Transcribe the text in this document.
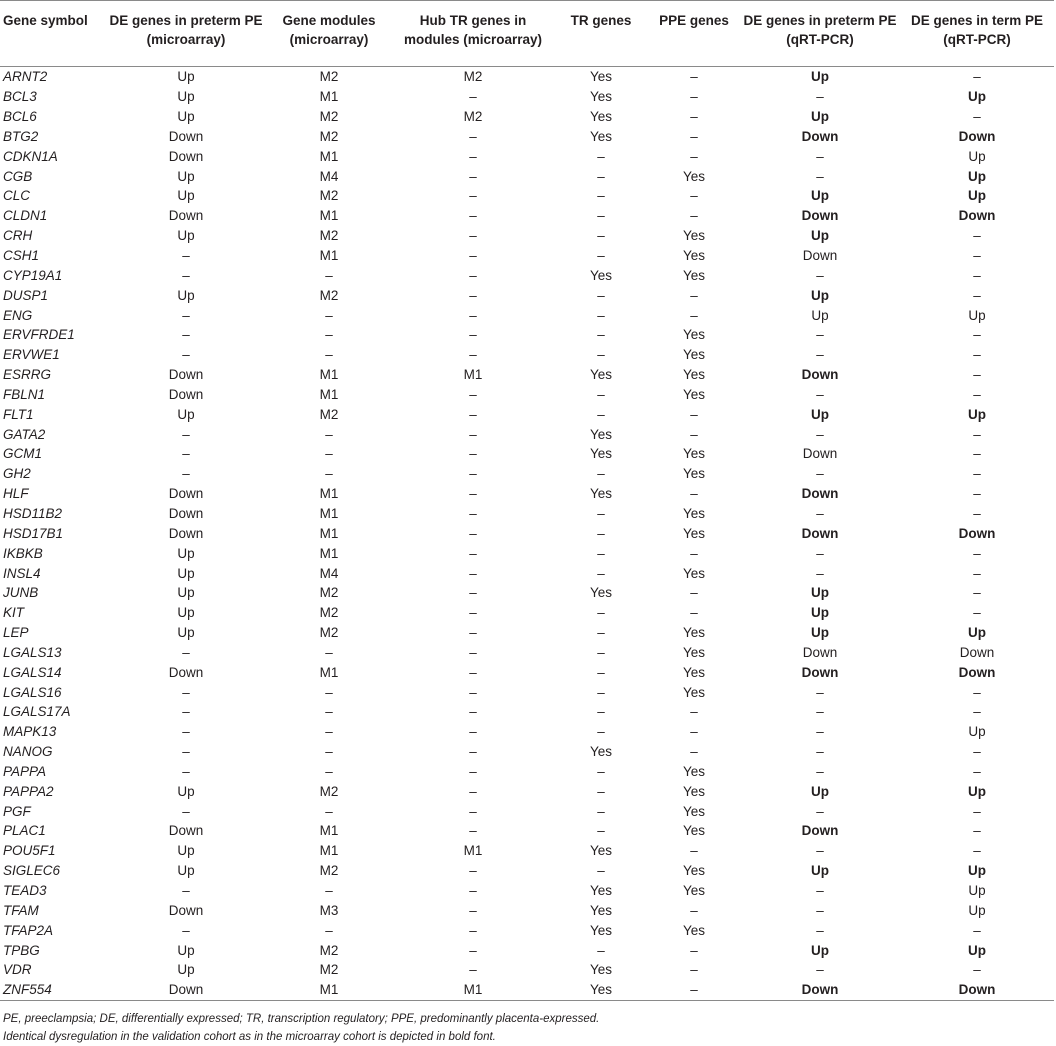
Gene symbol	DE genes in preterm PE (microarray)	Gene modules (microarray)	Hub TR genes in modules (microarray)	TR genes	PPE genes	DE genes in preterm PE (qRT-PCR)	DE genes in term PE (qRT-PCR)
ARNT2	Up	M2	M2	Yes	–	Up	–
BCL3	Up	M1	–	Yes	–	–	Up
BCL6	Up	M2	M2	Yes	–	Up	–
BTG2	Down	M2	–	Yes	–	Down	Down
CDKN1A	Down	M1	–	–	–	–	Up
CGB	Up	M4	–	–	Yes	–	Up
CLC	Up	M2	–	–	–	Up	Up
CLDN1	Down	M1	–	–	–	Down	Down
CRH	Up	M2	–	–	Yes	Up	–
CSH1	–	M1	–	–	Yes	Down	–
CYP19A1	–	–	–	Yes	Yes	–	–
DUSP1	Up	M2	–	–	–	Up	–
ENG	–	–	–	–	–	Up	Up
ERVFRDE1	–	–	–	–	Yes	–	–
ERVWE1	–	–	–	–	Yes	–	–
ESRRG	Down	M1	M1	Yes	Yes	Down	–
FBLN1	Down	M1	–	–	Yes	–	–
FLT1	Up	M2	–	–	–	Up	Up
GATA2	–	–	–	Yes	–	–	–
GCM1	–	–	–	Yes	Yes	Down	–
GH2	–	–	–	–	Yes	–	–
HLF	Down	M1	–	Yes	–	Down	–
HSD11B2	Down	M1	–	–	Yes	–	–
HSD17B1	Down	M1	–	–	Yes	Down	Down
IKBKB	Up	M1	–	–	–	–	–
INSL4	Up	M4	–	–	Yes	–	–
JUNB	Up	M2	–	Yes	–	Up	–
KIT	Up	M2	–	–	–	Up	–
LEP	Up	M2	–	–	Yes	Up	Up
LGALS13	–	–	–	–	Yes	Down	Down
LGALS14	Down	M1	–	–	Yes	Down	Down
LGALS16	–	–	–	–	Yes	–	–
LGALS17A	–	–	–	–	–	–	–
MAPK13	–	–	–	–	–	–	Up
NANOG	–	–	–	Yes	–	–	–
PAPPA	–	–	–	–	Yes	–	–
PAPPA2	Up	M2	–	–	Yes	Up	Up
PGF	–	–	–	–	Yes	–	–
PLAC1	Down	M1	–	–	Yes	Down	–
POU5F1	Up	M1	M1	Yes	–	–	–
SIGLEC6	Up	M2	–	–	Yes	Up	Up
TEAD3	–	–	–	Yes	Yes	–	Up
TFAM	Down	M3	–	Yes	–	–	Up
TFAP2A	–	–	–	Yes	Yes	–	–
TPBG	Up	M2	–	–	–	Up	Up
VDR	Up	M2	–	Yes	–	–	–
ZNF554	Down	M1	M1	Yes	–	Down	Down
PE, preeclampsia; DE, differentially expressed; TR, transcription regulatory; PPE, predominantly placenta-expressed.
Identical dysregulation in the validation cohort as in the microarray cohort is depicted in bold font.
